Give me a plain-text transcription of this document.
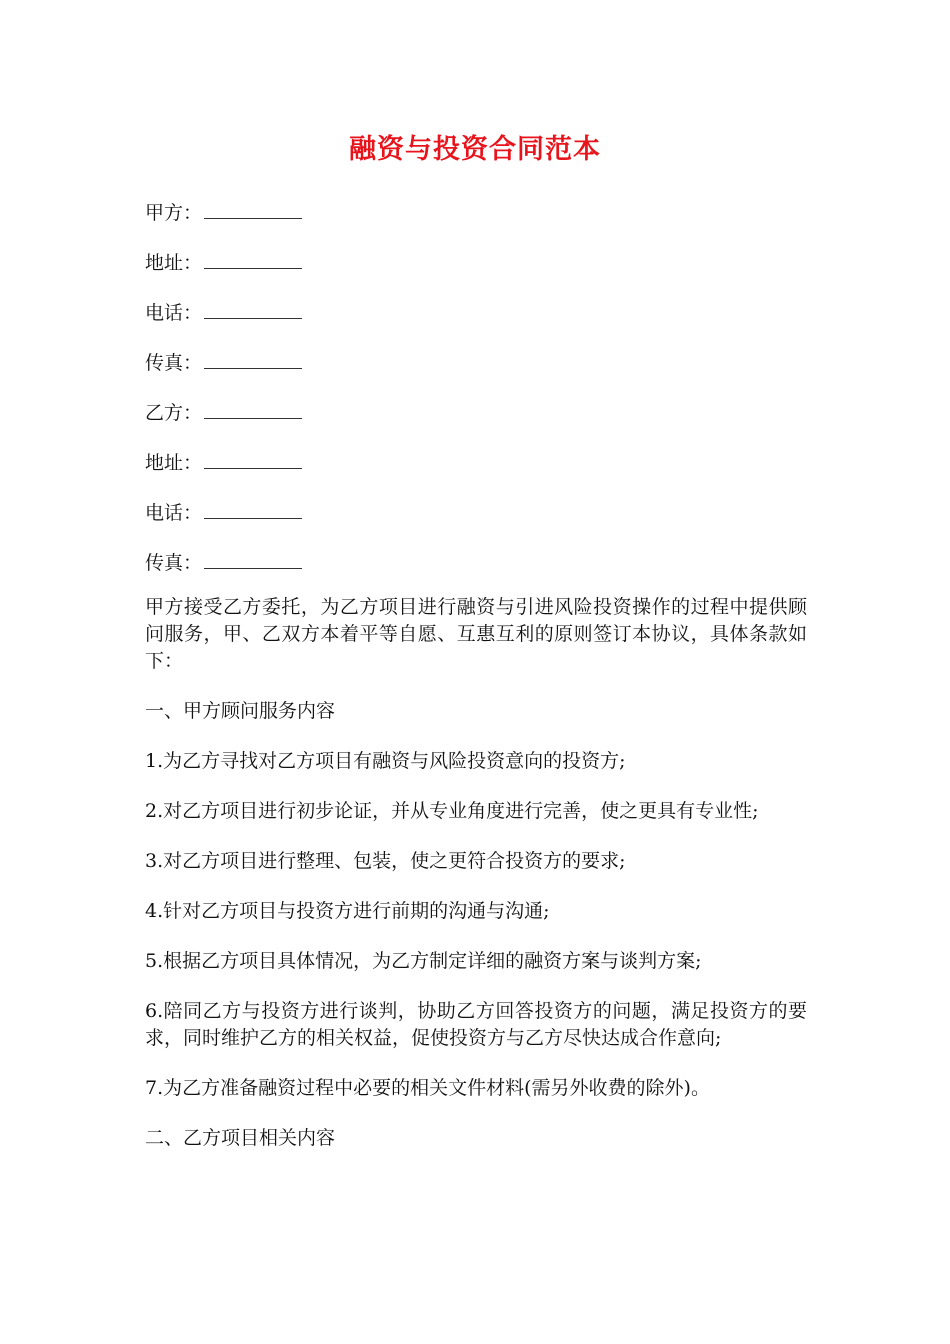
融资与投资合同范本
甲方：
地址：
电话：
传真：
乙方：
地址：
电话：
传真：

甲方接受乙方委托，为乙方项目进行融资与引进风险投资操作的过程中提供顾问服务，甲、乙双方本着平等自愿、互惠互利的原则签订本协议，具体条款如下：

一、甲方顾问服务内容

1.为乙方寻找对乙方项目有融资与风险投资意向的投资方;

2.对乙方项目进行初步论证，并从专业角度进行完善，使之更具有专业性;

3.对乙方项目进行整理、包装，使之更符合投资方的要求;

4.针对乙方项目与投资方进行前期的沟通与沟通;

5.根据乙方项目具体情况，为乙方制定详细的融资方案与谈判方案;

6.陪同乙方与投资方进行谈判，协助乙方回答投资方的问题，满足投资方的要求，同时维护乙方的相关权益，促使投资方与乙方尽快达成合作意向;

7.为乙方准备融资过程中必要的相关文件材料(需另外收费的除外)。

二、乙方项目相关内容
